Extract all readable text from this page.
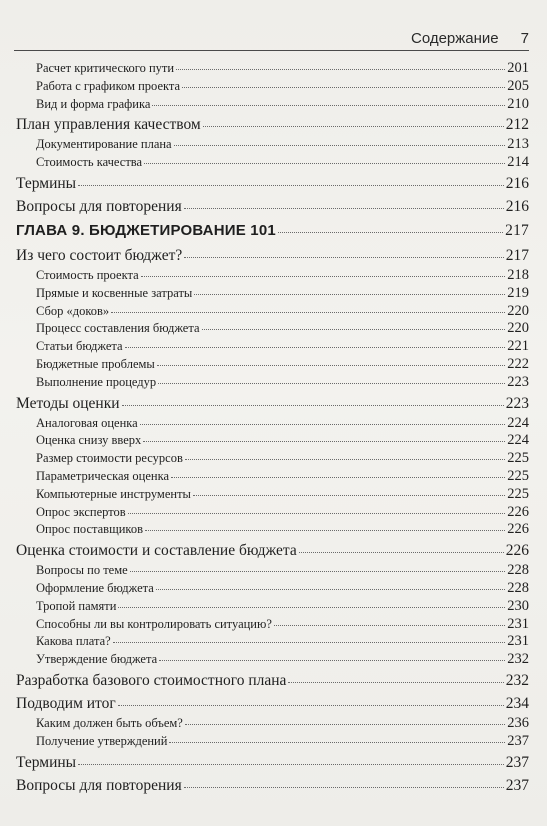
Содержание 7
Расчет критического пути	201
Работа с графиком проекта	205
Вид и форма графика	210
План управления качеством	212
Документирование плана	213
Стоимость качества	214
Термины	216
Вопросы для повторения	216
ГЛАВА 9. БЮДЖЕТИРОВАНИЕ 101	217
Из чего состоит бюджет?	217
Стоимость проекта	218
Прямые и косвенные затраты	219
Сбор «доков»	220
Процесс составления бюджета	220
Статьи бюджета	221
Бюджетные проблемы	222
Выполнение процедур	223
Методы оценки	223
Аналоговая оценка	224
Оценка снизу вверх	224
Размер стоимости ресурсов	225
Параметрическая оценка	225
Компьютерные инструменты	225
Опрос экспертов	226
Опрос поставщиков	226
Оценка стоимости и составление бюджета	226
Вопросы по теме	228
Оформление бюджета	228
Тропой памяти	230
Способны ли вы контролировать ситуацию?	231
Какова плата?	231
Утверждение бюджета	232
Разработка базового стоимостного плана	232
Подводим итог	234
Каким должен быть объем?	236
Получение утверждений	237
Термины	237
Вопросы для повторения	237
